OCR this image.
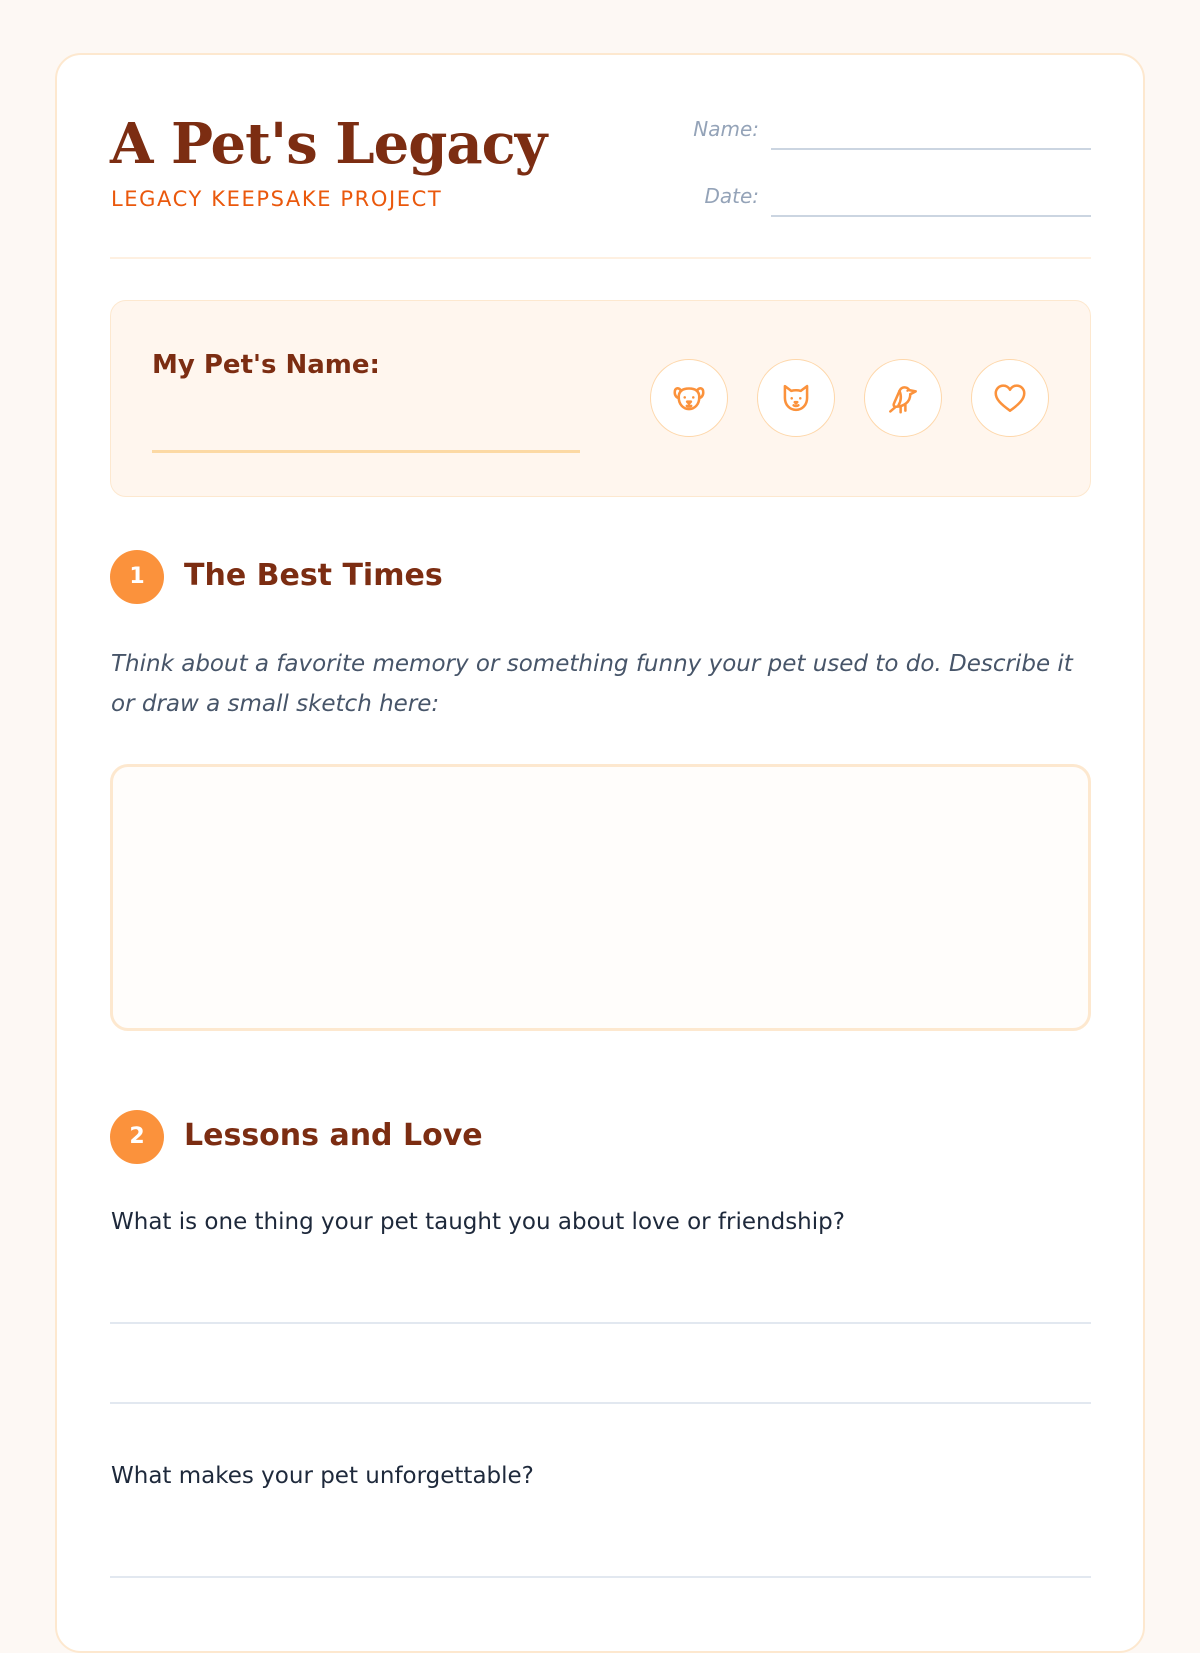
A Pet's Legacy
LEGACY KEEPSAKE PROJECT
Name:
Date:
My Pet's Name:
1	The Best Times
Think about a favorite memory or something funny your pet used to do. Describe it or draw a small sketch here:
2	Lessons and Love
What is one thing your pet taught you about love or friendship?
What makes your pet unforgettable?
